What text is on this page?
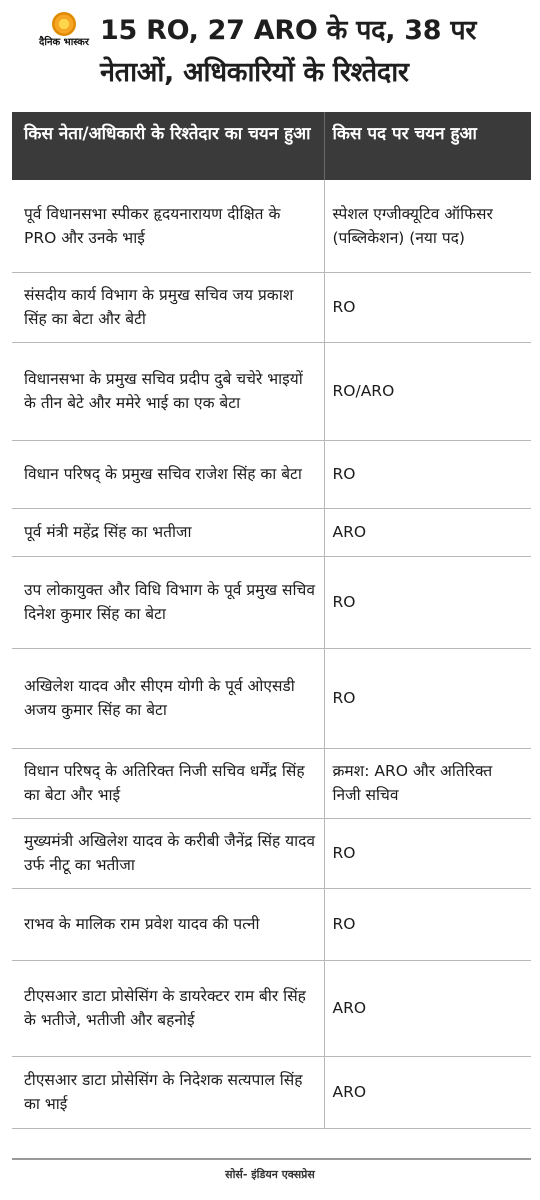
दैनिक भास्कर 15 RO, 27 ARO के पद, 38 पर
नेताओं, अधिकारियों के रिश्तेदार
किस नेता/अधिकारी के रिश्तेदार का चयन हुआ	किस पद पर चयन हुआ
पूर्व विधानसभा स्पीकर हृदयनारायण दीक्षित के PRO और उनके भाई	स्पेशल एग्जीक्यूटिव ऑफिसर (पब्लिकेशन) (नया पद)
संसदीय कार्य विभाग के प्रमुख सचिव जय प्रकाश सिंह का बेटा और बेटी	RO
विधानसभा के प्रमुख सचिव प्रदीप दुबे चचेरे भाइयों के तीन बेटे और ममेरे भाई का एक बेटा	RO/ARO
विधान परिषद् के प्रमुख सचिव राजेश सिंह का बेटा	RO
पूर्व मंत्री महेंद्र सिंह का भतीजा	ARO
उप लोकायुक्त और विधि विभाग के पूर्व प्रमुख सचिव दिनेश कुमार सिंह का बेटा	RO
अखिलेश यादव और सीएम योगी के पूर्व ओएसडी अजय कुमार सिंह का बेटा	RO
विधान परिषद् के अतिरिक्त निजी सचिव धर्मेंद्र सिंह का बेटा और भाई	क्रमश: ARO और अतिरिक्त निजी सचिव
मुख्यमंत्री अखिलेश यादव के करीबी जैनेंद्र सिंह यादव उर्फ नीटू का भतीजा	RO
राभव के मालिक राम प्रवेश यादव की पत्नी	RO
टीएसआर डाटा प्रोसेसिंग के डायरेक्टर राम बीर सिंह के भतीजे, भतीजी और बहनोई	ARO
टीएसआर डाटा प्रोसेसिंग के निदेशक सत्यपाल सिंह का भाई	ARO
सोर्स- इंडियन एक्सप्रेस
